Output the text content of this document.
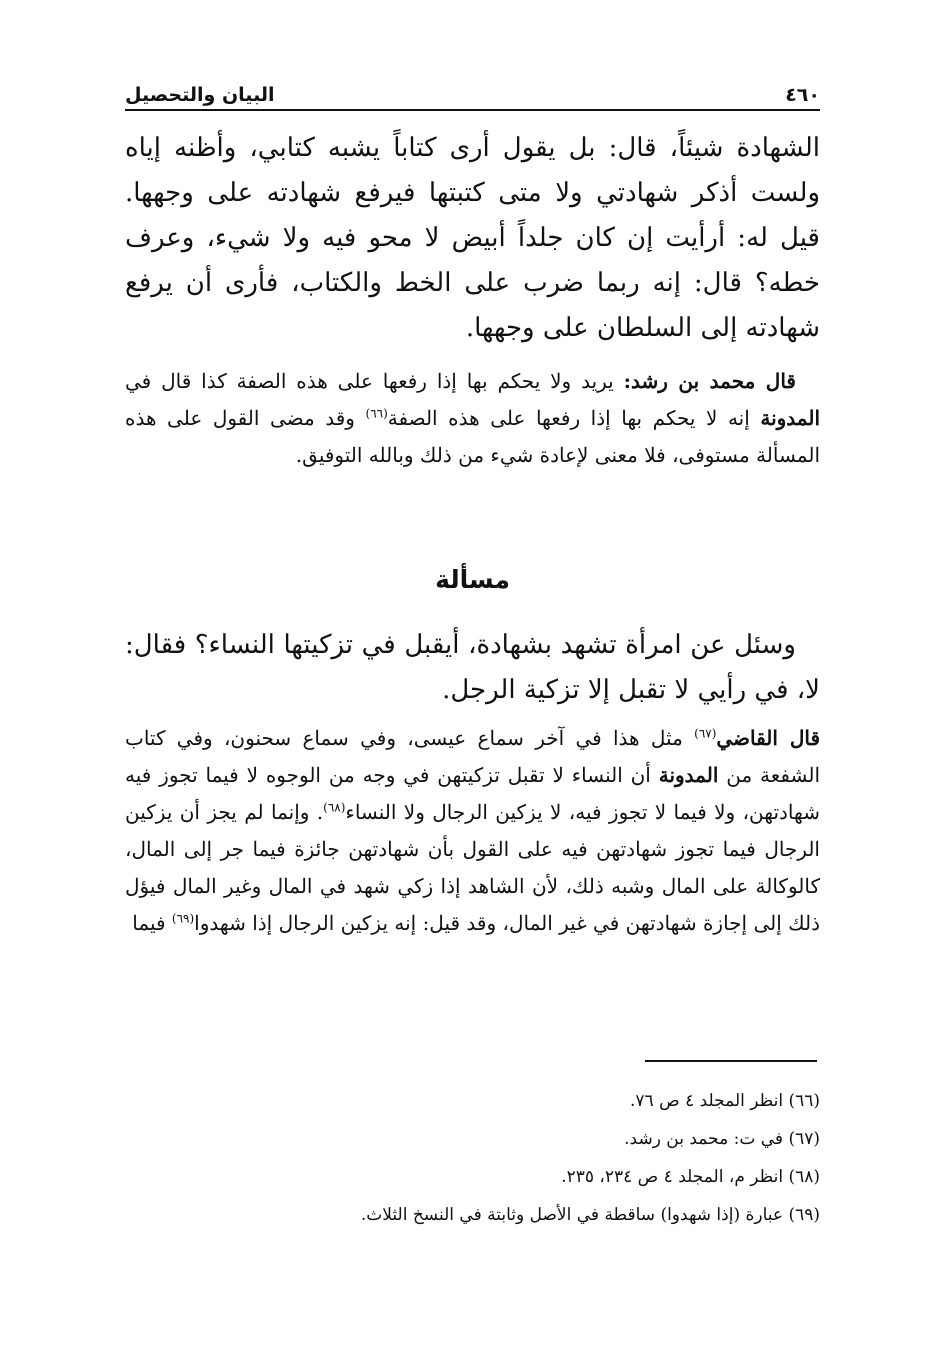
٤٦٠
البيان والتحصيل

الشهادة شيئاً، قال: بل يقول أرى كتاباً يشبه كتابي، وأظنه إياه ولست أذكر شهادتي ولا متى كتبتها فيرفع شهادته على وجهها. قيل له: أرأيت إن كان جلداً أبيض لا محو فيه ولا شيء، وعرف خطه؟ قال: إنه ربما ضرب على الخط والكتاب، فأرى أن يرفع شهادته إلى السلطان على وجهها.

قال محمد بن رشد: يريد ولا يحكم بها إذا رفعها على هذه الصفة كذا قال في المدونة إنه لا يحكم بها إذا رفعها على هذه الصفة$^{(٦٦)}$ وقد مضى القول على هذه المسألة مستوفى، فلا معنى لإعادة شيء من ذلك وبالله التوفيق.

مسألة

وسئل عن امرأة تشهد بشهادة، أيقبل في تزكيتها النساء؟ فقال: لا، في رأيي لا تقبل إلا تزكية الرجل.

قال القاضي$^{(٦٧)}$ مثل هذا في آخر سماع عيسى، وفي سماع سحنون، وفي كتاب الشفعة من المدونة أن النساء لا تقبل تزكيتهن في وجه من الوجوه لا فيما تجوز فيه شهادتهن، ولا فيما لا تجوز فيه، لا يزكين الرجال ولا النساء$^{(٦٨)}$. وإنما لم يجز أن يزكين الرجال فيما تجوز شهادتهن فيه على القول بأن شهادتهن جائزة فيما جر إلى المال، كالوكالة على المال وشبه ذلك، لأن الشاهد إذا زكي شهد في المال وغير المال فيؤل ذلك إلى إجازة شهادتهن في غير المال، وقد قيل: إنه يزكين الرجال إذا شهدوا$^{(٦٩)}$ فيما

(٦٦) انظر المجلد ٤ ص ٧٦.
(٦٧) في ت: محمد بن رشد.
(٦٨) انظر م، المجلد ٤ ص ٢٣٤، ٢٣٥.
(٦٩) عبارة (إذا شهدوا) ساقطة في الأصل وثابتة في النسخ الثلاث.
